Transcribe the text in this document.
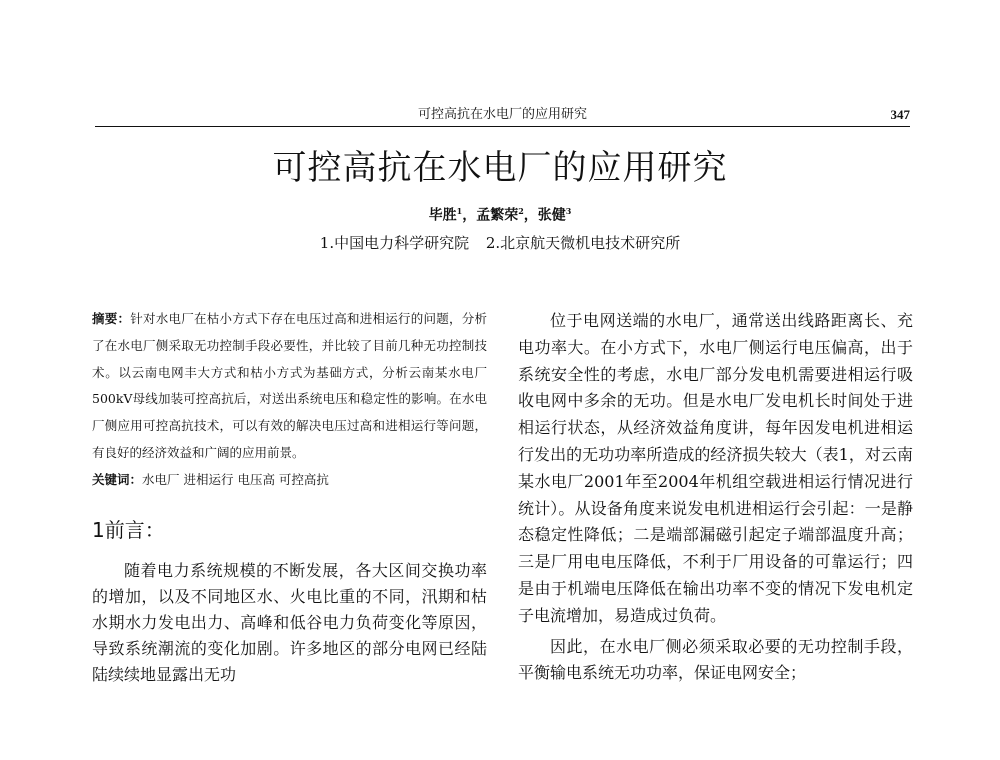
可控高抗在水电厂的应用研究	347
可控高抗在水电厂的应用研究
毕胜$^1$，孟繁荣$^2$，张健$^3$
1.中国电力科学研究院 2.北京航天微机电技术研究所

摘要：针对水电厂在枯小方式下存在电压过高和进相运行的问题，分析了在水电厂侧采取无功控制手段必要性，并比较了目前几种无功控制技术。以云南电网丰大方式和枯小方式为基础方式，分析云南某水电厂500kV母线加装可控高抗后，对送出系统电压和稳定性的影响。在水电厂侧应用可控高抗技术，可以有效的解决电压过高和进相运行等问题，有良好的经济效益和广阔的应用前景。

关键词：水电厂 进相运行 电压高 可控高抗

1前言：

随着电力系统规模的不断发展，各大区间交换功率的增加，以及不同地区水、火电比重的不同，汛期和枯水期水力发电出力、高峰和低谷电力负荷变化等原因，导致系统潮流的变化加剧。许多地区的部分电网已经陆陆续续地显露出无功

位于电网送端的水电厂，通常送出线路距离长、充电功率大。在小方式下，水电厂侧运行电压偏高，出于系统安全性的考虑，水电厂部分发电机需要进相运行吸收电网中多余的无功。但是水电厂发电机长时间处于进相运行状态，从经济效益角度讲，每年因发电机进相运行发出的无功功率所造成的经济损失较大（表1，对云南某水电厂2001年至2004年机组空载进相运行情况进行统计）。从设备角度来说发电机进相运行会引起：一是静态稳定性降低；二是端部漏磁引起定子端部温度升高；三是厂用电电压降低，不利于厂用设备的可靠运行；四是由于机端电压降低在输出功率不变的情况下发电机定子电流增加，易造成过负荷。

因此，在水电厂侧必须采取必要的无功控制手段，平衡输电系统无功功率，保证电网安全；
